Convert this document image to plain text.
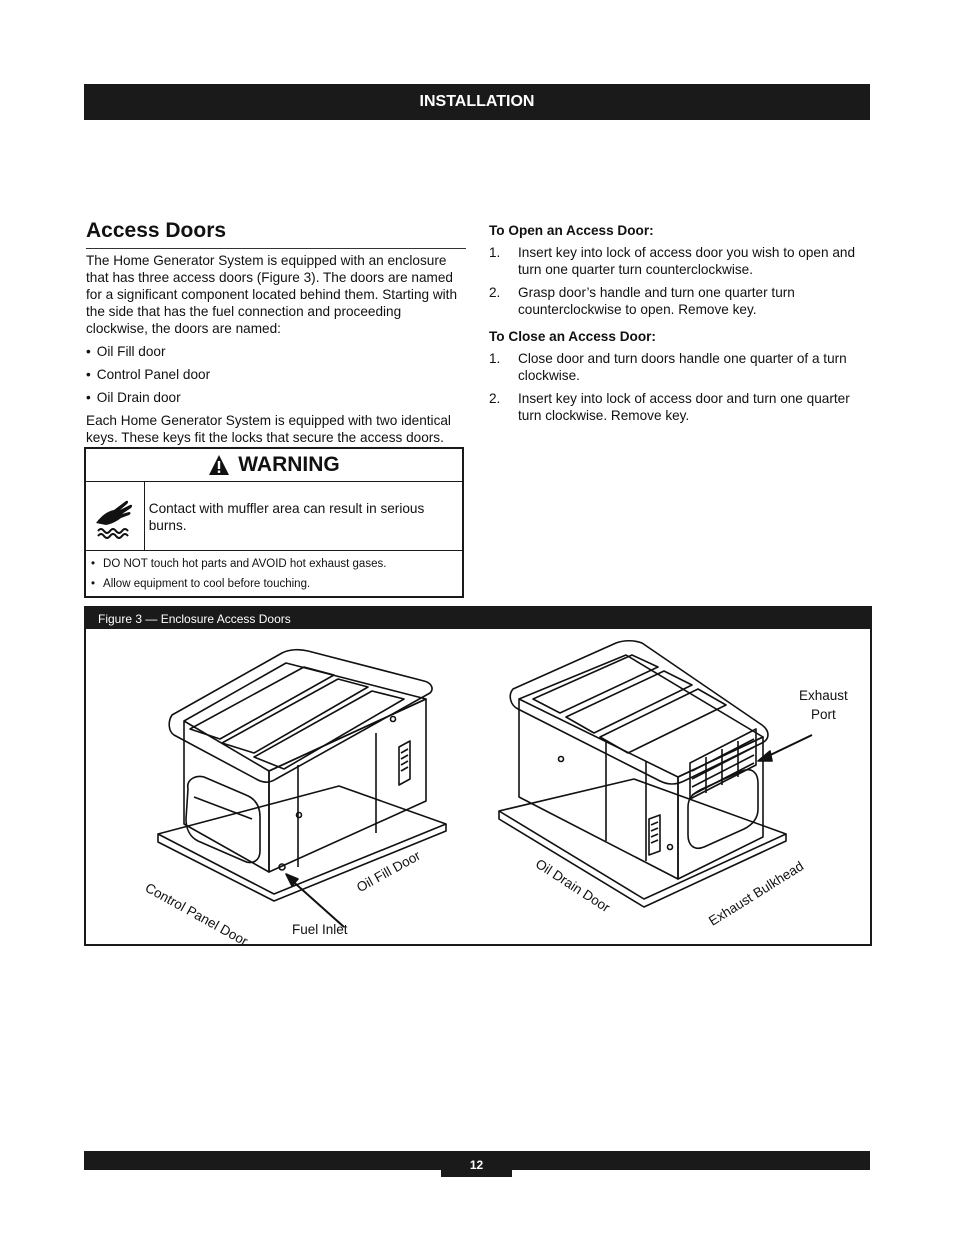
INSTALLATION
Access Doors

The Home Generator System is equipped with an enclosure that has three access doors (Figure 3). The doors are named for a significant component located behind them. Starting with the side that has the fuel connection and proceeding clockwise, the doors are named:

• Oil Fill door
• Control Panel door
• Oil Drain door

Each Home Generator System is equipped with two identical keys. These keys fit the locks that secure the access doors.

WARNING
Contact with muffler area can result in serious burns.
• DO NOT touch hot parts and AVOID hot exhaust gases.
• Allow equipment to cool before touching.
To Open an Access Door:
1.	Insert key into lock of access door you wish to open and turn one quarter turn counterclockwise.
2.	Grasp door’s handle and turn one quarter turn counterclockwise to open. Remove key.
To Close an Access Door:
1.	Close door and turn doors handle one quarter of a turn clockwise.
2.	Insert key into lock of access door and turn one quarter turn clockwise. Remove key.
Figure 3 — Enclosure Access Doors
Control Panel Door
Oil Fill Door
Fuel Inlet
Oil Drain Door	Exhaust Bulkhead
Exhaust
Port
12
